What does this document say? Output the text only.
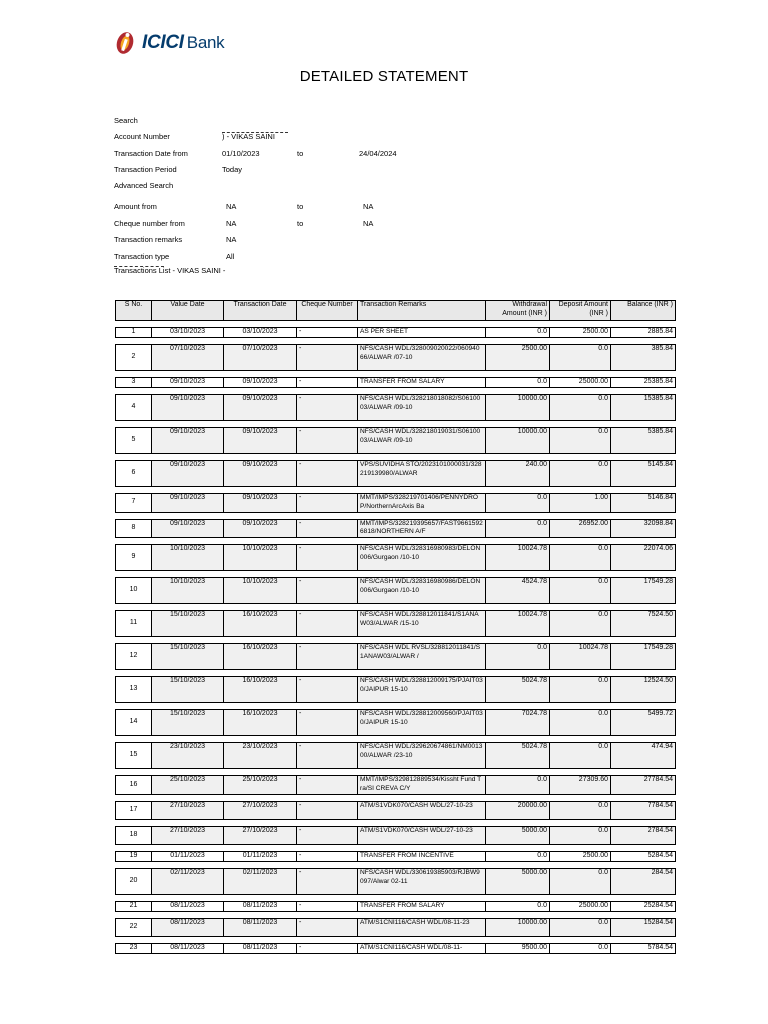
ICICI Bank
DETAILED STATEMENT
Search
Account Number	) - VIKAS SAINI
Transaction Date from	01/10/2023	to	24/04/2024
Transaction Period	Today
Advanced Search
Amount from	NA	to	NA
Cheque number from	NA	to	NA
Transaction remarks	NA
Transaction type	All
Transactions List - VIKAS SAINI -
S No.	Value Date	Transaction Date	Cheque Number	Transaction Remarks	Withdrawal Amount (INR )	Deposit Amount (INR )	Balance (INR )

1	03/10/2023	03/10/2023	-	AS PER SHEET	0.0	2500.00	2885.84

2	07/10/2023	07/10/2023	-	NFS/CASH WDL/328009020022/06094066/ALWAR /07-10	2500.00	0.0	385.84

3	09/10/2023	09/10/2023	-	TRANSFER FROM SALARY	0.0	25000.00	25385.84

4	09/10/2023	09/10/2023	-	NFS/CASH WDL/328218018082/S0610003/ALWAR /09-10	10000.00	0.0	15385.84

5	09/10/2023	09/10/2023	-	NFS/CASH WDL/328218019031/S0610003/ALWAR /09-10	10000.00	0.0	5385.84

6	09/10/2023	09/10/2023	-	VPS/SUVIDHA STO/2023101000031/328219139980/ALWAR	240.00	0.0	5145.84

7	09/10/2023	09/10/2023	-	MMT/IMPS/328219701406/PENNYDROP/NorthernArcAxis Ba	0.0	1.00	5146.84

8	09/10/2023	09/10/2023	-	MMT/IMPS/328219395657/FAST96615926818/NORTHERN A/F	0.0	26952.00	32098.84

9	10/10/2023	10/10/2023	-	NFS/CASH WDL/328316980983/DELON006/Gurgaon /10-10	10024.78	0.0	22074.06

10	10/10/2023	10/10/2023	-	NFS/CASH WDL/328316980986/DELON006/Gurgaon /10-10	4524.78	0.0	17549.28

11	15/10/2023	16/10/2023	-	NFS/CASH WDL/328812011841/S1ANAW03/ALWAR /15-10	10024.78	0.0	7524.50

12	15/10/2023	16/10/2023	-	NFS/CASH WDL RVSL/328812011841/S1ANAW03/ALWAR /	0.0	10024.78	17549.28

13	15/10/2023	16/10/2023	-	NFS/CASH WDL/328812009175/PJAIT030/JAIPUR 15-10	5024.78	0.0	12524.50

14	15/10/2023	16/10/2023	-	NFS/CASH WDL/328812009560/PJAIT030/JAIPUR 15-10	7024.78	0.0	5499.72

15	23/10/2023	23/10/2023	-	NFS/CASH WDL/329620674861/NM001300/ALWAR /23-10	5024.78	0.0	474.94

16	25/10/2023	25/10/2023	-	MMT/IMPS/329812889534/Kissht Fund Tra/SI CREVA C/Y	0.0	27309.60	27784.54

17	27/10/2023	27/10/2023	-	ATM/S1VDK070/CASH WDL/27-10-23	20000.00	0.0	7784.54

18	27/10/2023	27/10/2023	-	ATM/S1VDK070/CASH WDL/27-10-23	5000.00	0.0	2784.54

19	01/11/2023	01/11/2023	-	TRANSFER FROM INCENTIVE	0.0	2500.00	5284.54

20	02/11/2023	02/11/2023	-	NFS/CASH WDL/330619385903/RJBW9097/Alwar 02-11	5000.00	0.0	284.54

21	08/11/2023	08/11/2023	-	TRANSFER FROM SALARY	0.0	25000.00	25284.54

22	08/11/2023	08/11/2023	-	ATM/S1CNI116/CASH WDL/08-11-23	10000.00	0.0	15284.54

23	08/11/2023	08/11/2023	-	ATM/S1CNI116/CASH WDL/08-11-	9500.00	0.0	5784.54
